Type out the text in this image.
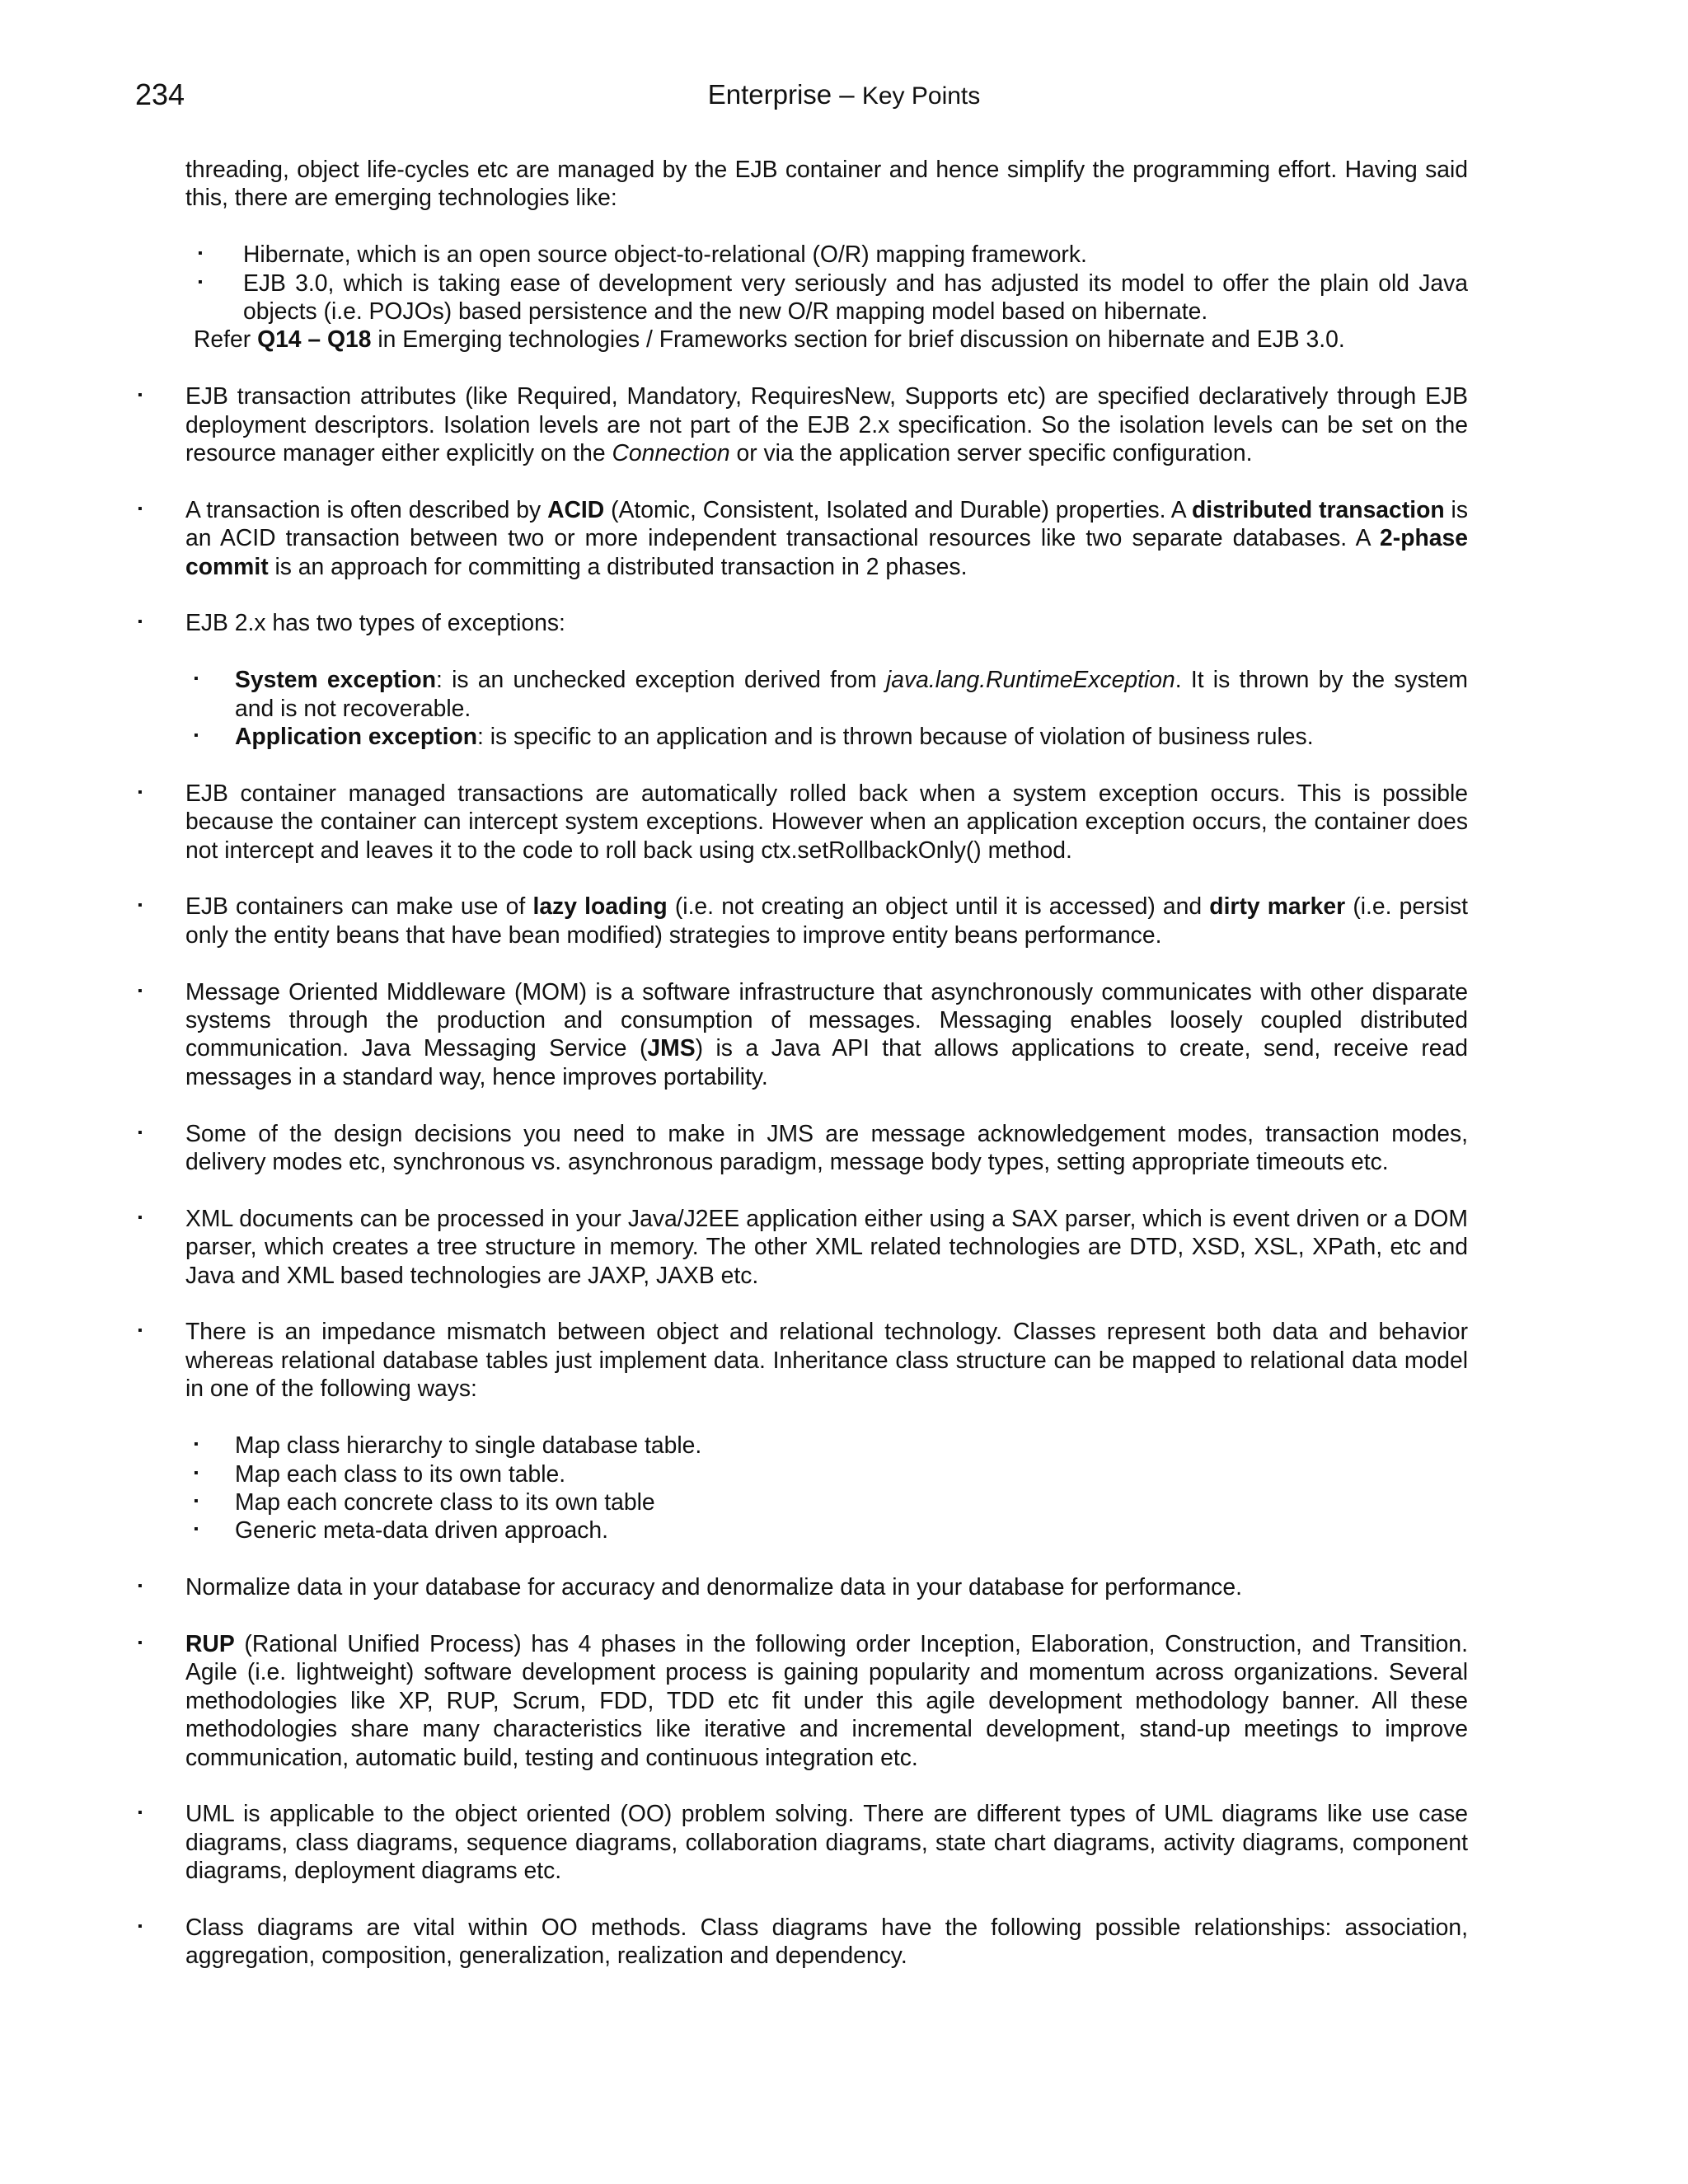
234	Enterprise – Key Points

threading, object life-cycles etc are managed by the EJB container and hence simplify the programming effort. Having said this, there are emerging technologies like:

▪ Hibernate, which is an open source object-to-relational (O/R) mapping framework.
▪ EJB 3.0, which is taking ease of development very seriously and has adjusted its model to offer the plain old Java objects (i.e. POJOs) based persistence and the new O/R mapping model based on hibernate.

Refer Q14 – Q18 in Emerging technologies / Frameworks section for brief discussion on hibernate and EJB 3.0.

▪ EJB transaction attributes (like Required, Mandatory, RequiresNew, Supports etc) are specified declaratively through EJB deployment descriptors. Isolation levels are not part of the EJB 2.x specification. So the isolation levels can be set on the resource manager either explicitly on the Connection or via the application server specific configuration.
▪ A transaction is often described by ACID (Atomic, Consistent, Isolated and Durable) properties. A distributed transaction is an ACID transaction between two or more independent transactional resources like two separate databases. A 2-phase commit is an approach for committing a distributed transaction in 2 phases.
▪ EJB 2.x has two types of exceptions:
▪ System exception: is an unchecked exception derived from java.lang.RuntimeException. It is thrown by the system and is not recoverable.
▪ Application exception: is specific to an application and is thrown because of violation of business rules.
▪ EJB container managed transactions are automatically rolled back when a system exception occurs. This is possible because the container can intercept system exceptions. However when an application exception occurs, the container does not intercept and leaves it to the code to roll back using ctx.setRollbackOnly() method.
▪ EJB containers can make use of lazy loading (i.e. not creating an object until it is accessed) and dirty marker (i.e. persist only the entity beans that have bean modified) strategies to improve entity beans performance.
▪ Message Oriented Middleware (MOM) is a software infrastructure that asynchronously communicates with other disparate systems through the production and consumption of messages. Messaging enables loosely coupled distributed communication. Java Messaging Service (JMS) is a Java API that allows applications to create, send, receive read messages in a standard way, hence improves portability.
▪ Some of the design decisions you need to make in JMS are message acknowledgement modes, transaction modes, delivery modes etc, synchronous vs. asynchronous paradigm, message body types, setting appropriate timeouts etc.
▪ XML documents can be processed in your Java/J2EE application either using a SAX parser, which is event driven or a DOM parser, which creates a tree structure in memory. The other XML related technologies are DTD, XSD, XSL, XPath, etc and Java and XML based technologies are JAXP, JAXB etc.
▪ There is an impedance mismatch between object and relational technology. Classes represent both data and behavior whereas relational database tables just implement data. Inheritance class structure can be mapped to relational data model in one of the following ways:
▪ Map class hierarchy to single database table.
▪ Map each class to its own table.
▪ Map each concrete class to its own table
▪ Generic meta-data driven approach.
▪ Normalize data in your database for accuracy and denormalize data in your database for performance.
▪ RUP (Rational Unified Process) has 4 phases in the following order Inception, Elaboration, Construction, and Transition. Agile (i.e. lightweight) software development process is gaining popularity and momentum across organizations. Several methodologies like XP, RUP, Scrum, FDD, TDD etc fit under this agile development methodology banner. All these methodologies share many characteristics like iterative and incremental development, stand-up meetings to improve communication, automatic build, testing and continuous integration etc.
▪ UML is applicable to the object oriented (OO) problem solving. There are different types of UML diagrams like use case diagrams, class diagrams, sequence diagrams, collaboration diagrams, state chart diagrams, activity diagrams, component diagrams, deployment diagrams etc.
▪ Class diagrams are vital within OO methods. Class diagrams have the following possible relationships: association, aggregation, composition, generalization, realization and dependency.
